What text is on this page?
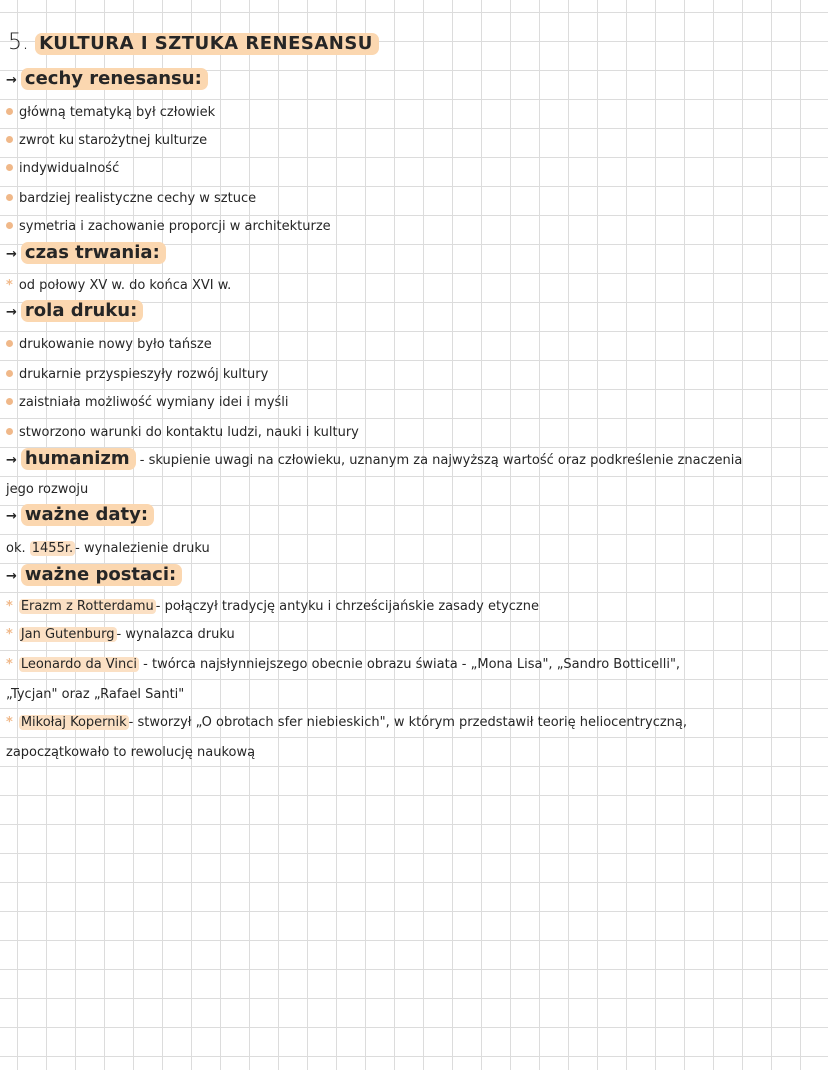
5. KULTURA I SZTUKA RENESANSU
→ cechy renesansu:
główną tematyką był człowiek
zwrot ku starożytnej kulturze
indywidualność
bardziej realistyczne cechy w sztuce
symetria i zachowanie proporcji w architekturze
→ czas trwania:
* od połowy XV w. do końca XVI w.
→ rola druku:
drukowanie nowy było tańsze
drukarnie przyspieszyły rozwój kultury
zaistniała możliwość wymiany idei i myśli
stworzono warunki do kontaktu ludzi, nauki i kultury
→ humanizm - skupienie uwagi na człowieku, uznanym za najwyższą wartość oraz podkreślenie znaczenia
jego rozwoju
→ ważne daty:
ok. 1455r. - wynalezienie druku
→ ważne postaci:
* Erazm z Rotterdamu - połączył tradycję antyku i chrześcijańskie zasady etyczne
* Jan Gutenburg - wynalazca druku
* Leonardo da Vinci - twórca najsłynniejszego obecnie obrazu świata - „Mona Lisa", „Sandro Botticelli",
„Tycjan" oraz „Rafael Santi"
* Mikołaj Kopernik - stworzył „O obrotach sfer niebieskich", w którym przedstawił teorię heliocentryczną,
zapoczątkowało to rewolucję naukową
